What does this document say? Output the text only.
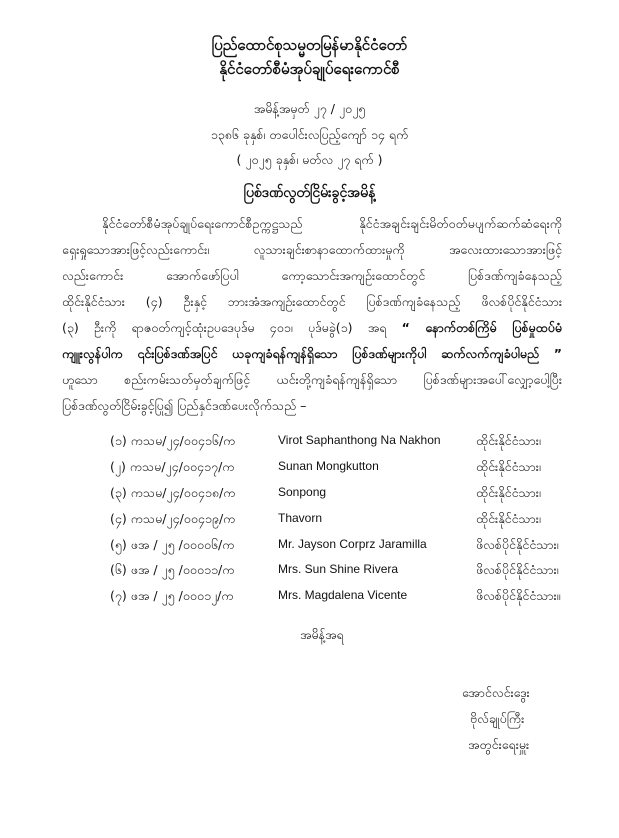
ပြည်ထောင်စုသမ္မတမြန်မာနိုင်ငံတော်
နိုင်ငံတော်စီမံအုပ်ချုပ်ရေးကောင်စီ
အမိန့်အမှတ် ၂၇ / ၂၀၂၅
၁၃၈၆ ခုနှစ်၊ တပေါင်းလပြည့်ကျော် ၁၄ ရက်
( ၂၀၂၅ ခုနှစ်၊ မတ်လ ၂၇ ရက် )
ပြစ်ဒဏ်လွတ်ငြိမ်းခွင့်အမိန့်
နိုင်ငံတော်စီမံအုပ်ချုပ်ရေးကောင်စီဥက္ကဋ္ဌသည် နိုင်ငံအချင်းချင်းမိတ်ဝတ်မပျက်ဆက်ဆံရေးကို
ရှေးရှုသောအားဖြင့်လည်းကောင်း၊ လူသားချင်းစာနာထောက်ထားမှုကို အလေးထားသောအားဖြင့်
လည်းကောင်း အောက်ဖော်ပြပါ ကော့သောင်းအကျဉ်းထောင်တွင် ပြစ်ဒဏ်ကျခံနေသည့်
ထိုင်းနိုင်ငံသား (၄) ဦးနှင့် ဘားအံအကျဉ်းထောင်တွင် ပြစ်ဒဏ်ကျခံနေသည့် ဖိလစ်ပိုင်နိုင်ငံသား
(၃) ဦးကို ရာဇဝတ်ကျင့်ထုံးဥပဒေပုဒ်မ ၄၀၁၊ ပုဒ်မခွဲ(၁) အရ “ နောက်တစ်ကြိမ် ပြစ်မှုထပ်မံ
ကျူးလွန်ပါက ၎င်းပြစ်ဒဏ်အပြင် ယခုကျခံရန်ကျန်ရှိသော ပြစ်ဒဏ်များကိုပါ ဆက်လက်ကျခံပါမည် ”
ဟူသော စည်းကမ်းသတ်မှတ်ချက်ဖြင့် ယင်းတို့ကျခံရန်ကျန်ရှိသော ပြစ်ဒဏ်များအပေါ်လျှော့ပေါ့ပြီး
ပြစ်ဒဏ်လွတ်ငြိမ်းခွင့်ပြု၍ ပြည်နှင်ဒဏ်ပေးလိုက်သည် –
(၁) ကသမ/၂၄/၀၀၄၁၆/က	Virot Saphanthong Na Nakhon	ထိုင်းနိုင်ငံသား၊
(၂) ကသမ/၂၄/၀၀၄၁၇/က	Sunan Mongkutton	ထိုင်းနိုင်ငံသား၊
(၃) ကသမ/၂၄/၀၀၄၁၈/က	Sonpong	ထိုင်းနိုင်ငံသား၊
(၄) ကသမ/၂၄/၀၀၄၁၉/က	Thavorn	ထိုင်းနိုင်ငံသား၊
(၅) ဖအ / ၂၅ /၀၀၀၀၆/က	Mr. Jayson Corprz Jaramilla	ဖိလစ်ပိုင်နိုင်ငံသား၊
(၆) ဖအ / ၂၅ /၀၀၀၁၁/က	Mrs. Sun Shine Rivera	ဖိလစ်ပိုင်နိုင်ငံသား၊
(၇) ဖအ / ၂၅ /၀၀၀၁၂/က	Mrs. Magdalena Vicente	ဖိလစ်ပိုင်နိုင်ငံသား။
အမိန့်အရ
အောင်လင်းဒွေး
ဗိုလ်ချုပ်ကြီး
အတွင်းရေးမှူး
